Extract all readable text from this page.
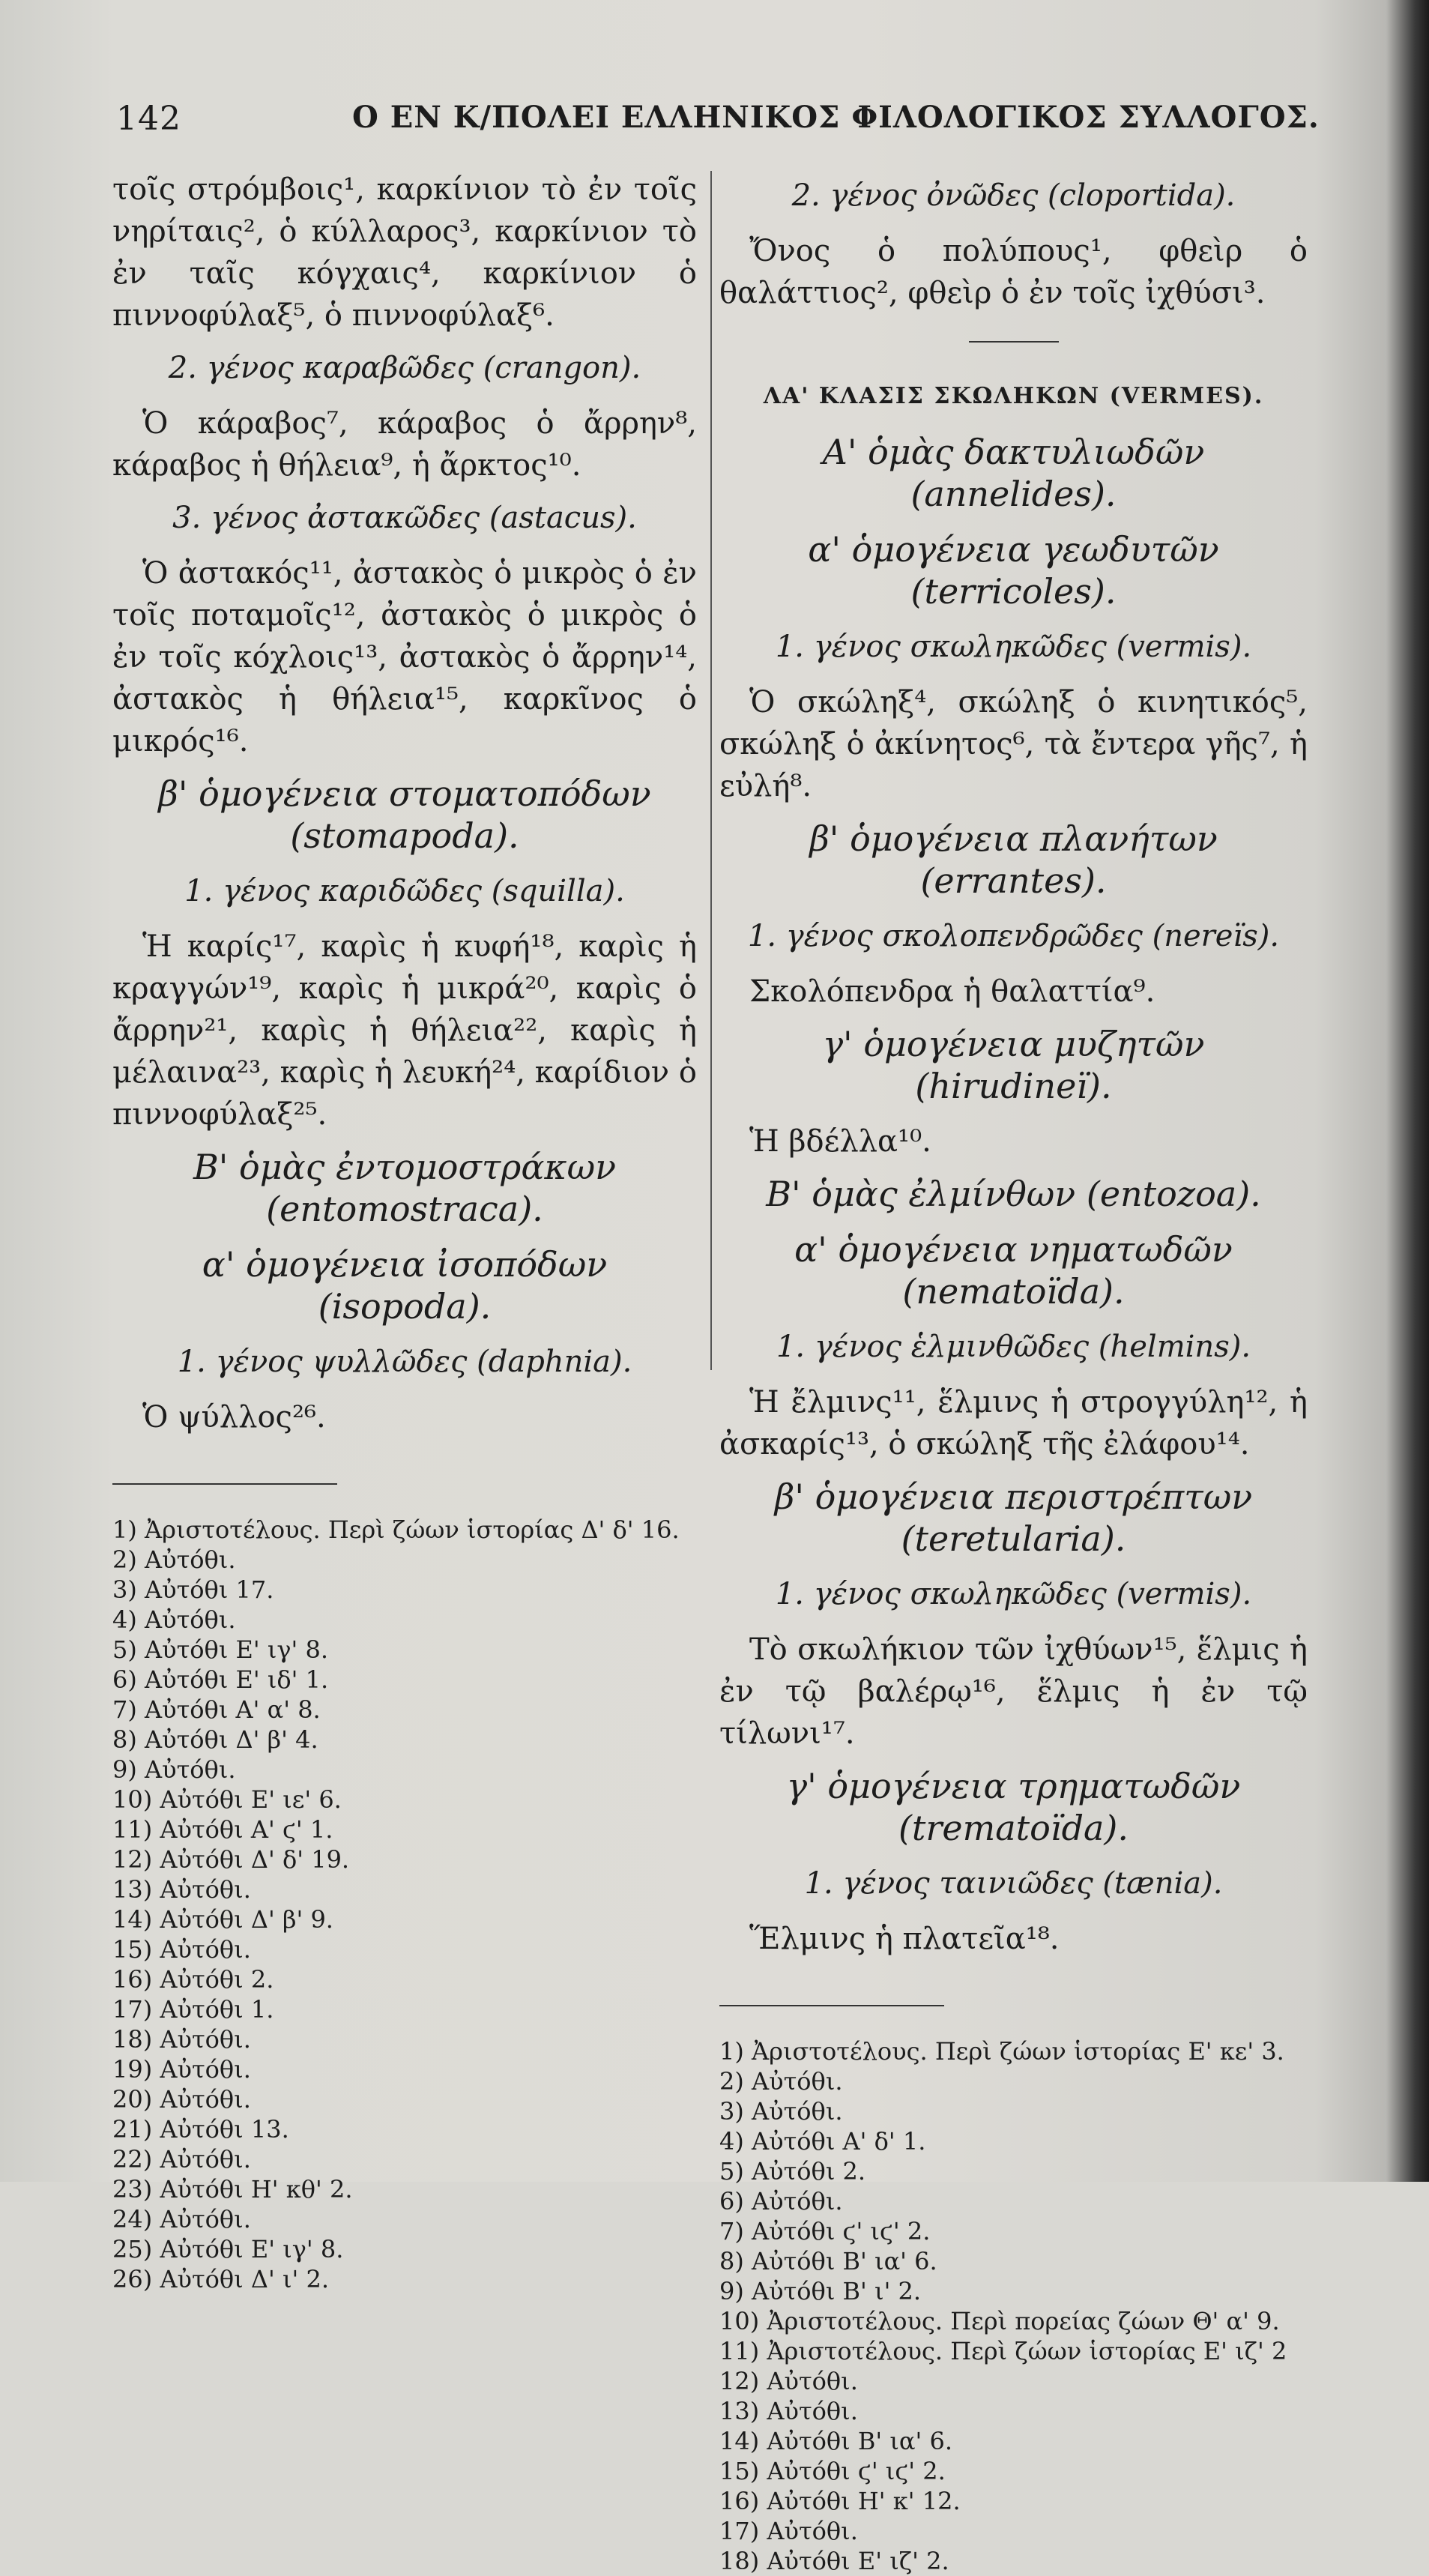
142	Ο ΕΝ Κ/ΠΟΛΕΙ ΕΛΛΗΝΙΚΟΣ ΦΙΛΟΛΟΓΙΚΟΣ ΣΥΛΛΟΓΟΣ.

τοῖς στρόμβοις¹, καρκίνιον τὸ ἐν τοῖς νηρίταις², ὁ κύλλαρος³, καρκίνιον τὸ ἐν ταῖς κόγχαις⁴, καρκίνιον ὁ πιννοφύλαξ⁵, ὁ πιννοφύλαξ⁶.

2. γένος καραβῶδες (crangon).

Ὁ κάραβος⁷, κάραβος ὁ ἄρρην⁸, κάραβος ἡ θήλεια⁹, ἡ ἄρκτος¹⁰.

3. γένος ἀστακῶδες (astacus).

Ὁ ἀστακός¹¹, ἀστακὸς ὁ μικρὸς ὁ ἐν τοῖς ποταμοῖς¹², ἀστακὸς ὁ μικρὸς ὁ ἐν τοῖς κόχλοις¹³, ἀστακὸς ὁ ἄρρην¹⁴, ἀστακὸς ἡ θήλεια¹⁵, καρκῖνος ὁ μικρός¹⁶.

β' ὁμογένεια στοματοπόδων (stomapoda).
1. γένος καριδῶδες (squilla).

Ἡ καρίς¹⁷, καρὶς ἡ κυφή¹⁸, καρὶς ἡ κραγγών¹⁹, καρὶς ἡ μικρά²⁰, καρὶς ὁ ἄρρην²¹, καρὶς ἡ θήλεια²², καρὶς ἡ μέλαινα²³, καρὶς ἡ λευκή²⁴, καρίδιον ὁ πιννοφύλαξ²⁵.

Β' ὁμὰς ἐντομοστράκων (entomostraca).
α' ὁμογένεια ἰσοπόδων (isopoda).
1. γένος ψυλλῶδες (daphnia).

Ὁ ψύλλος²⁶.

1) Ἀριστοτέλους. Περὶ ζώων ἱστορίας Δ' δ' 16.
2) Αὐτόθι.
3) Αὐτόθι 17.
4) Αὐτόθι.
5) Αὐτόθι Ε' ιγ' 8.
6) Αὐτόθι Ε' ιδ' 1.
7) Αὐτόθι Α' α' 8.
8) Αὐτόθι Δ' β' 4.
9) Αὐτόθι.
10) Αὐτόθι Ε' ιε' 6.
11) Αὐτόθι Α' ϛ' 1.
12) Αὐτόθι Δ' δ' 19.
13) Αὐτόθι.
14) Αὐτόθι Δ' β' 9.
15) Αὐτόθι.
16) Αὐτόθι 2.
17) Αὐτόθι 1.
18) Αὐτόθι.
19) Αὐτόθι.
20) Αὐτόθι.
21) Αὐτόθι 13.
22) Αὐτόθι.
23) Αὐτόθι Η' κθ' 2.
24) Αὐτόθι.
25) Αὐτόθι Ε' ιγ' 8.
26) Αὐτόθι Δ' ι' 2.
2. γένος ὀνῶδες (cloportida).

Ὄνος ὁ πολύπους¹, φθεὶρ ὁ θαλάττιος², φθεὶρ ὁ ἐν τοῖς ἰχθύσι³.

ΛΑ' ΚΛΑΣΙΣ ΣΚΩΛΗΚΩΝ (VERMES).
Α' ὁμὰς δακτυλιωδῶν (annelides).
α' ὁμογένεια γεωδυτῶν (terricoles).
1. γένος σκωληκῶδες (vermis).

Ὁ σκώληξ⁴, σκώληξ ὁ κινητικός⁵, σκώληξ ὁ ἀκίνητος⁶, τὰ ἔντερα γῆς⁷, ἡ εὐλή⁸.

β' ὁμογένεια πλανήτων (errantes).
1. γένος σκολοπενδρῶδες (nereïs).

Σκολόπενδρα ἡ θαλαττία⁹.

γ' ὁμογένεια μυζητῶν (hirudineï).

Ἡ βδέλλα¹⁰.

Β' ὁμὰς ἐλμίνθων (entozoa).
α' ὁμογένεια νηματωδῶν (nematoïda).
1. γένος ἑλμινθῶδες (helmins).

Ἡ ἔλμινς¹¹, ἕλμινς ἡ στρογγύλη¹², ἡ ἀσκαρίς¹³, ὁ σκώληξ τῆς ἐλάφου¹⁴.

β' ὁμογένεια περιστρέπτων (teretularia).
1. γένος σκωληκῶδες (vermis).

Τὸ σκωλήκιον τῶν ἰχθύων¹⁵, ἕλμις ἡ ἐν τῷ βαλέρῳ¹⁶, ἕλμις ἡ ἐν τῷ τίλωνι¹⁷.

γ' ὁμογένεια τρηματωδῶν (trematoïda).
1. γένος ταινιῶδες (tænia).

Ἕλμινς ἡ πλατεῖα¹⁸.

1) Ἀριστοτέλους. Περὶ ζώων ἱστορίας Ε' κε' 3.
2) Αὐτόθι.
3) Αὐτόθι.
4) Αὐτόθι Α' δ' 1.
5) Αὐτόθι 2.
6) Αὐτόθι.
7) Αὐτόθι ϛ' ιϛ' 2.
8) Αὐτόθι Β' ια' 6.
9) Αὐτόθι Β' ι' 2.
10) Ἀριστοτέλους. Περὶ πορείας ζώων Θ' α' 9.
11) Ἀριστοτέλους. Περὶ ζώων ἱστορίας Ε' ιζ' 2
12) Αὐτόθι.
13) Αὐτόθι.
14) Αὐτόθι Β' ια' 6.
15) Αὐτόθι ϛ' ιϛ' 2.
16) Αὐτόθι Η' κ' 12.
17) Αὐτόθι.
18) Αὐτόθι Ε' ιζ' 2.
